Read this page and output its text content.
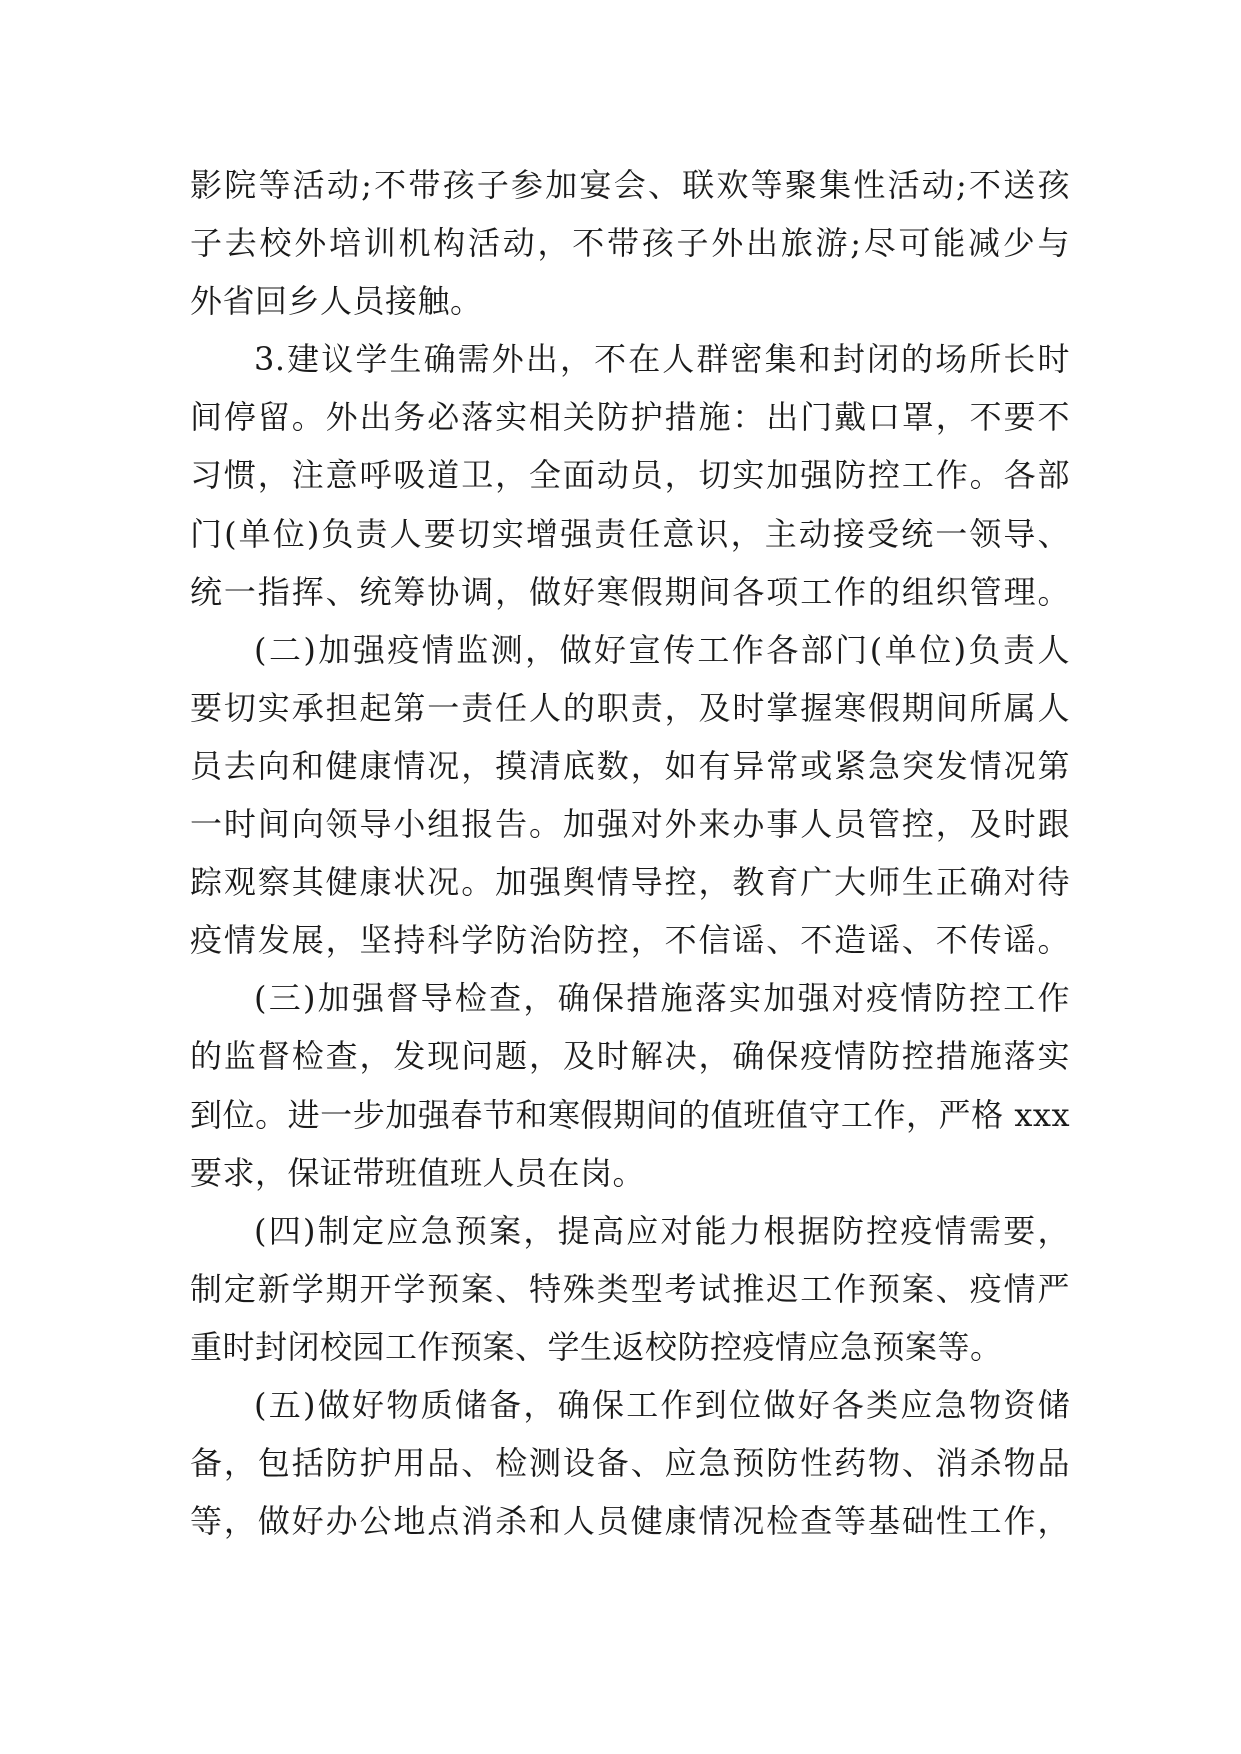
影院等活动;不带孩子参加宴会、联欢等聚集性活动;不送孩
子去校外培训机构活动，不带孩子外出旅游;尽可能减少与
外省回乡人员接触。
3.建议学生确需外出，不在人群密集和封闭的场所长时
间停留。外出务必落实相关防护措施：出门戴口罩，不要不
习惯，注意呼吸道卫，全面动员，切实加强防控工作。各部
门(单位)负责人要切实增强责任意识，主动接受统一领导、
统一指挥、统筹协调，做好寒假期间各项工作的组织管理。
(二)加强疫情监测，做好宣传工作各部门(单位)负责人
要切实承担起第一责任人的职责，及时掌握寒假期间所属人
员去向和健康情况，摸清底数，如有异常或紧急突发情况第
一时间向领导小组报告。加强对外来办事人员管控，及时跟
踪观察其健康状况。加强舆情导控，教育广大师生正确对待
疫情发展，坚持科学防治防控，不信谣、不造谣、不传谣。
(三)加强督导检查，确保措施落实加强对疫情防控工作
的监督检查，发现问题，及时解决，确保疫情防控措施落实
到位。进一步加强春节和寒假期间的值班值守工作，严格 xxx
要求，保证带班值班人员在岗。
(四)制定应急预案，提高应对能力根据防控疫情需要，
制定新学期开学预案、特殊类型考试推迟工作预案、疫情严
重时封闭校园工作预案、学生返校防控疫情应急预案等。
(五)做好物质储备，确保工作到位做好各类应急物资储
备，包括防护用品、检测设备、应急预防性药物、消杀物品
等，做好办公地点消杀和人员健康情况检查等基础性工作，
